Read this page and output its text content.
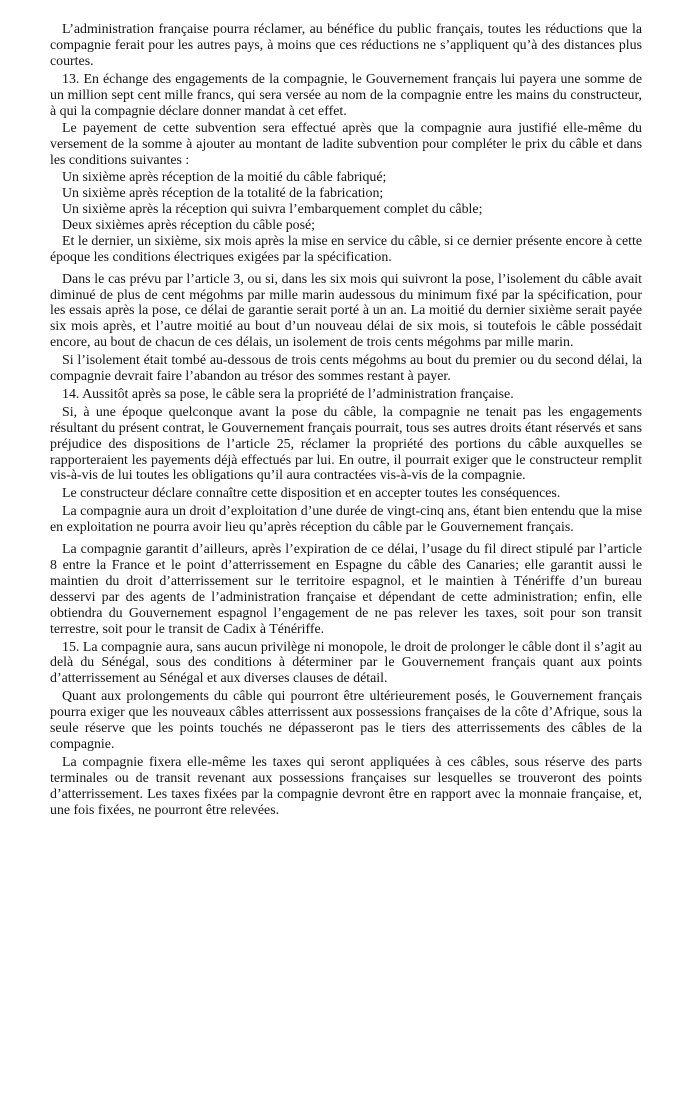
L’administration française pourra réclamer, au bénéfice du public français, toutes les réductions que la compagnie ferait pour les autres pays, à moins que ces réductions ne s’appliquent qu’à des distances plus courtes.

13. En échange des engagements de la compagnie, le Gouvernement français lui payera une somme de un million sept cent mille francs, qui sera versée au nom de la compagnie entre les mains du constructeur, à qui la compagnie déclare donner mandat à cet effet.

Le payement de cette subvention sera effectué après que la compagnie aura justifié elle-même du versement de la somme à ajouter au montant de ladite subvention pour compléter le prix du câble et dans les conditions suivantes :

Un sixième après réception de la moitié du câble fabriqué;

Un sixième après réception de la totalité de la fabrication;

Un sixième après la réception qui suivra l’embarquement complet du câble;

Deux sixièmes après réception du câble posé;

Et le dernier, un sixième, six mois après la mise en service du câble, si ce dernier présente encore à cette époque les conditions électriques exigées par la spécification.

Dans le cas prévu par l’article 3, ou si, dans les six mois qui suivront la pose, l’isolement du câble avait diminué de plus de cent mégohms par mille marin audessous du minimum fixé par la spécification, pour les essais après la pose, ce délai de garantie serait porté à un an. La moitié du dernier sixième serait payée six mois après, et l’autre moitié au bout d’un nouveau délai de six mois, si toutefois le câble possédait encore, au bout de chacun de ces délais, un isolement de trois cents mégohms par mille marin.

Si l’isolement était tombé au-dessous de trois cents mégohms au bout du premier ou du second délai, la compagnie devrait faire l’abandon au trésor des sommes restant à payer.

14. Aussitôt après sa pose, le câble sera la propriété de l’administration française.

Si, à une époque quelconque avant la pose du câble, la compagnie ne tenait pas les engagements résultant du présent contrat, le Gouvernement français pourrait, tous ses autres droits étant réservés et sans préjudice des dispositions de l’article 25, réclamer la propriété des portions du câble auxquelles se rapporteraient les payements déjà effectués par lui. En outre, il pourrait exiger que le constructeur remplit vis-à-vis de lui toutes les obligations qu’il aura contractées vis-à-vis de la compagnie.

Le constructeur déclare connaître cette disposition et en accepter toutes les conséquences.

La compagnie aura un droit d’exploitation d’une durée de vingt-cinq ans, étant bien entendu que la mise en exploitation ne pourra avoir lieu qu’après réception du câble par le Gouvernement français.

La compagnie garantit d’ailleurs, après l’expiration de ce délai, l’usage du fil direct stipulé par l’article 8 entre la France et le point d’atterrissement en Espagne du câble des Canaries; elle garantit aussi le maintien du droit d’atterrissement sur le territoire espagnol, et le maintien à Ténériffe d’un bureau desservi par des agents de l’administration française et dépendant de cette administration; enfin, elle obtiendra du Gouvernement espagnol l’engagement de ne pas relever les taxes, soit pour son transit terrestre, soit pour le transit de Cadix à Ténériffe.

15. La compagnie aura, sans aucun privilège ni monopole, le droit de prolonger le câble dont il s’agit au delà du Sénégal, sous des conditions à déterminer par le Gouvernement français quant aux points d’atterrissement au Sénégal et aux diverses clauses de détail.

Quant aux prolongements du câble qui pourront être ultérieurement posés, le Gouvernement français pourra exiger que les nouveaux câbles atterrissent aux possessions françaises de la côte d’Afrique, sous la seule réserve que les points touchés ne dépasseront pas le tiers des atterrissements des câbles de la compagnie.

La compagnie fixera elle-même les taxes qui seront appliquées à ces câbles, sous réserve des parts terminales ou de transit revenant aux possessions françaises sur lesquelles se trouveront des points d’atterrissement. Les taxes fixées par la compagnie devront être en rapport avec la monnaie française, et, une fois fixées, ne pourront être relevées.
